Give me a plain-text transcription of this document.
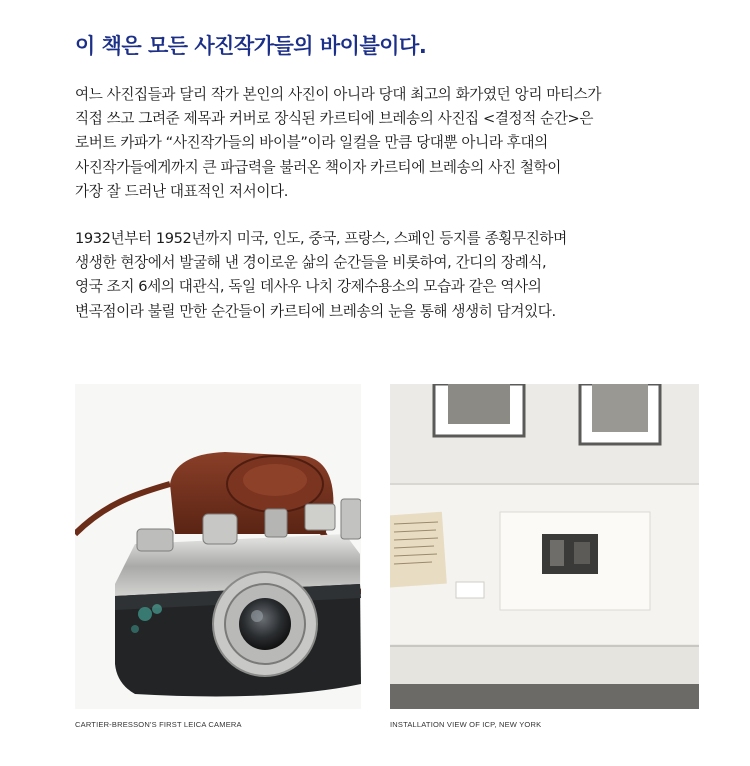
이 책은 모든 사진작가들의 바이블이다.
여느 사진집들과 달리 작가 본인의 사진이 아니라 당대 최고의 화가였던 앙리 마티스가
직접 쓰고 그려준 제목과 커버로 장식된 카르티에 브레송의 사진집 <결정적 순간>은
로버트 카파가 “사진작가들의 바이블”이라 일컬을 만큼 당대뿐 아니라 후대의
사진작가들에게까지 큰 파급력을 불러온 책이자 카르티에 브레송의 사진 철학이
가장 잘 드러난 대표적인 저서이다.
1932년부터 1952년까지 미국, 인도, 중국, 프랑스, 스페인 등지를 종횡무진하며
생생한 현장에서 발굴해 낸 경이로운 삶의 순간들을 비롯하여, 간디의 장례식,
영국 조지 6세의 대관식, 독일 데사우 나치 강제수용소의 모습과 같은 역사의
변곡점이라 불릴 만한 순간들이 카르티에 브레송의 눈을 통해 생생히 담겨있다.
CARTIER-BRESSON'S FIRST LEICA CAMERA	INSTALLATION VIEW OF ICP, NEW YORK
